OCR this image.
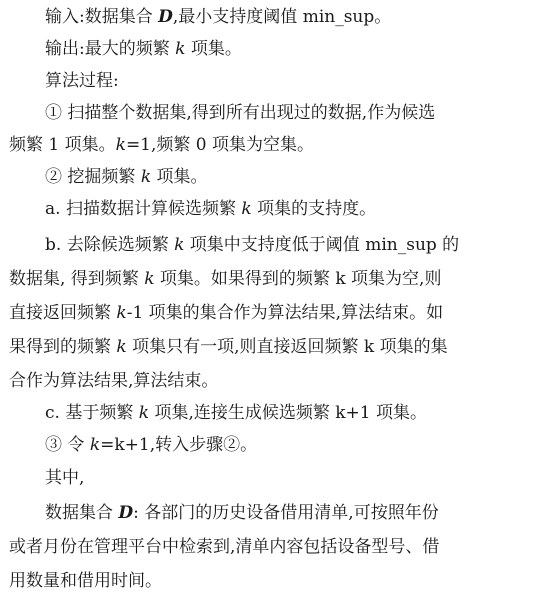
输入:数据集合 D,最小支持度阈值 min_sup。
输出:最大的频繁 k 项集。
算法过程:
① 扫描整个数据集,得到所有出现过的数据,作为候选
频繁 1 项集。k=1,频繁 0 项集为空集。
② 挖掘频繁 k 项集。
a. 扫描数据计算候选频繁 k 项集的支持度。
b. 去除候选频繁 k 项集中支持度低于阈值 min_sup 的
数据集, 得到频繁 k 项集。如果得到的频繁 k 项集为空,则
直接返回频繁 k-1 项集的集合作为算法结果,算法结束。如
果得到的频繁 k 项集只有一项,则直接返回频繁 k 项集的集
合作为算法结果,算法结束。
c. 基于频繁 k 项集,连接生成候选频繁 k+1 项集。
③ 令 k=k+1,转入步骤②。
其中,
数据集合 D: 各部门的历史设备借用清单,可按照年份
或者月份在管理平台中检索到,清单内容包括设备型号、借
用数量和借用时间。
